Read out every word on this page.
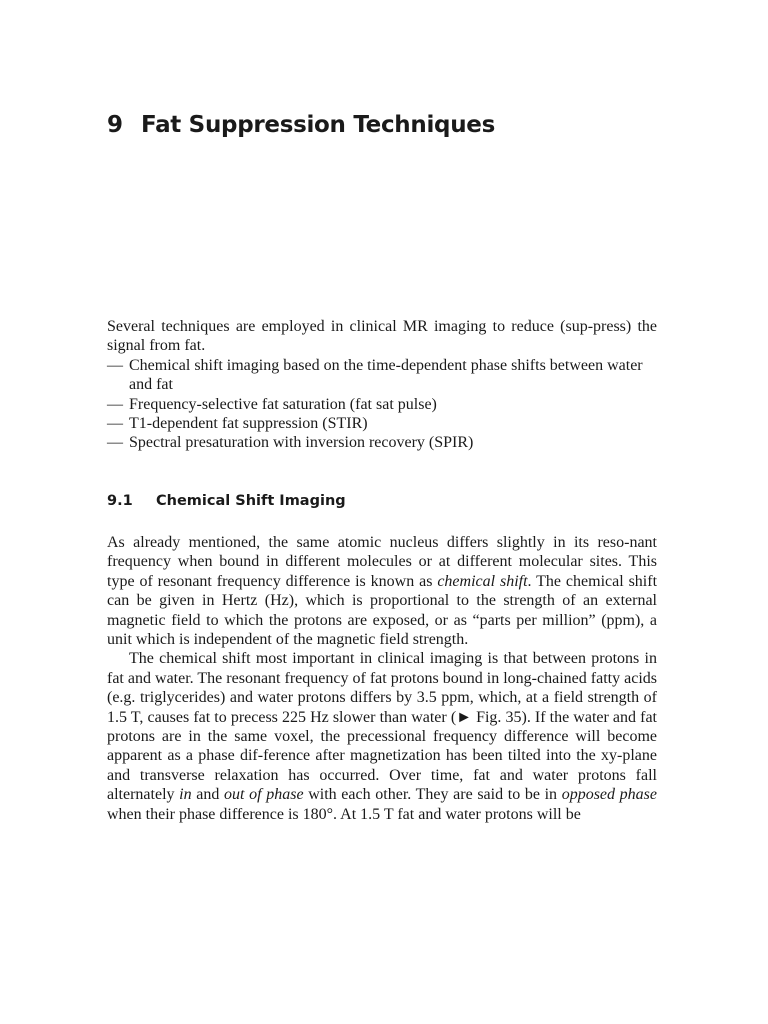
9 Fat Suppression Techniques

Several techniques are employed in clinical MR imaging to reduce (sup-press) the signal from fat.

— Chemical shift imaging based on the time-dependent phase shifts between water and fat
— Frequency-selective fat saturation (fat sat pulse)
— T1-dependent fat suppression (STIR)
— Spectral presaturation with inversion recovery (SPIR)
9.1 Chemical Shift Imaging

As already mentioned, the same atomic nucleus differs slightly in its reso-nant frequency when bound in different molecules or at different molecular sites. This type of resonant frequency difference is known as chemical shift. The chemical shift can be given in Hertz (Hz), which is proportional to the strength of an external magnetic field to which the protons are exposed, or as “parts per million” (ppm), a unit which is independent of the magnetic field strength.

The chemical shift most important in clinical imaging is that between protons in fat and water. The resonant frequency of fat protons bound in long-chained fatty acids (e.g. triglycerides) and water protons differs by 3.5 ppm, which, at a field strength of 1.5 T, causes fat to precess 225 Hz slower than water (► Fig. 35). If the water and fat protons are in the same voxel, the precessional frequency difference will become apparent as a phase dif-ference after magnetization has been tilted into the xy-plane and transverse relaxation has occurred. Over time, fat and water protons fall alternately in and out of phase with each other. They are said to be in opposed phase when their phase difference is 180°. At 1.5 T fat and water protons will be
